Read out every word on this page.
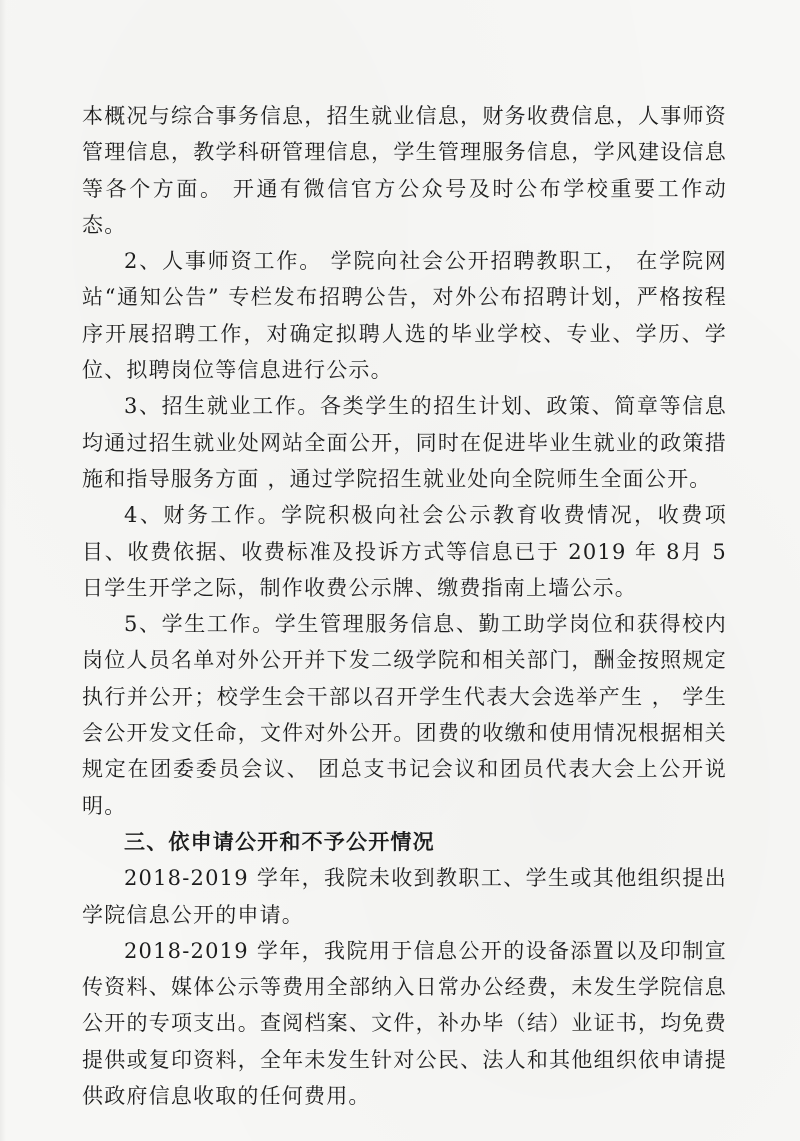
本概况与综合事务信息，招生就业信息，财务收费信息，人事师资管理信息，教学科研管理信息，学生管理服务信息，学风建设信息等各个方面。 开通有微信官方公众号及时公布学校重要工作动态。

2、人事师资工作。 学院向社会公开招聘教职工， 在学院网站“通知公告” 专栏发布招聘公告，对外公布招聘计划，严格按程序开展招聘工作，对确定拟聘人选的毕业学校、专业、学历、学位、拟聘岗位等信息进行公示。

3、招生就业工作。各类学生的招生计划、政策、简章等信息均通过招生就业处网站全面公开，同时在促进毕业生就业的政策措施和指导服务方面 ，通过学院招生就业处向全院师生全面公开。

4、财务工作。学院积极向社会公示教育收费情况，收费项目、收费依据、收费标准及投诉方式等信息已于 2019 年 8月 5日学生开学之际，制作收费公示牌、缴费指南上墙公示。

5、学生工作。学生管理服务信息、勤工助学岗位和获得校内岗位人员名单对外公开并下发二级学院和相关部门，酬金按照规定执行并公开；校学生会干部以召开学生代表大会选举产生 ， 学生会公开发文任命，文件对外公开。团费的收缴和使用情况根据相关规定在团委委员会议、 团总支书记会议和团员代表大会上公开说明。

三、依申请公开和不予公开情况

2018-2019 学年，我院未收到教职工、学生或其他组织提出学院信息公开的申请。

2018-2019 学年，我院用于信息公开的设备添置以及印制宣传资料、媒体公示等费用全部纳入日常办公经费，未发生学院信息公开的专项支出。查阅档案、文件，补办毕（结）业证书，均免费提供或复印资料，全年未发生针对公民、法人和其他组织依申请提供政府信息收取的任何费用。
